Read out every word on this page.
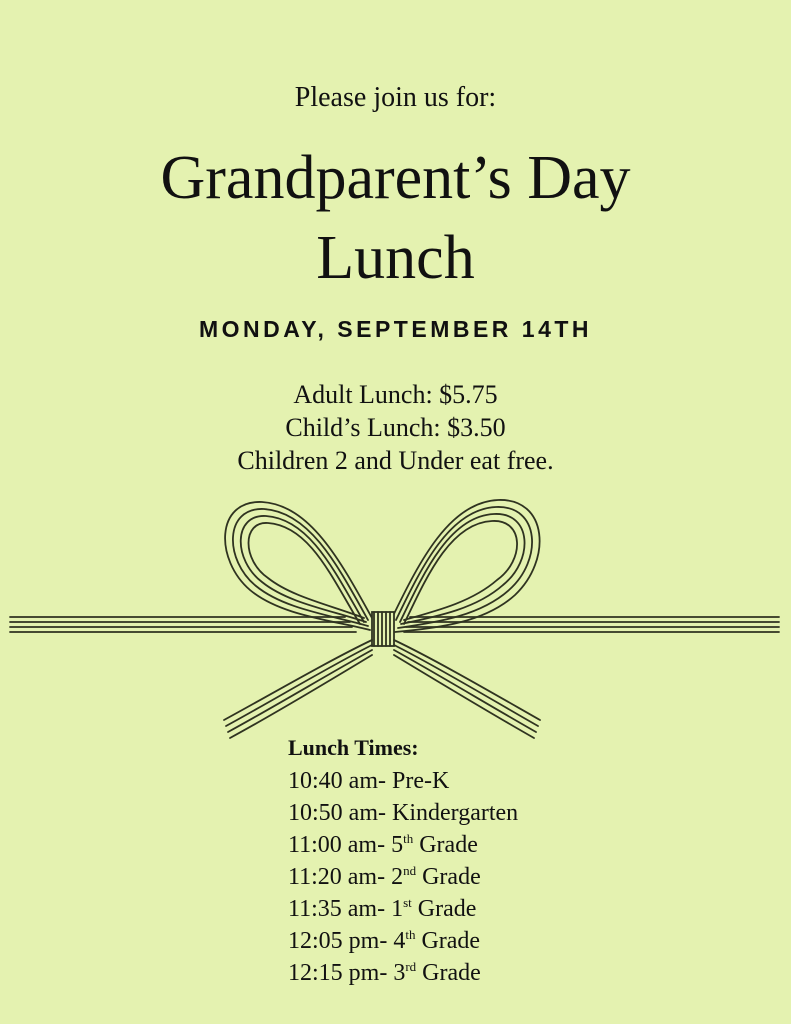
Please join us for:
Grandparent’s Day
Lunch
MONDAY, SEPTEMBER 14TH
Adult Lunch: $5.75
Child’s Lunch: $3.50
Children 2 and Under eat free.
Lunch Times:
10:40 am- Pre-K
10:50 am- Kindergarten
11:00 am- 5th Grade
11:20 am- 2nd Grade
11:35 am- 1st Grade
12:05 pm- 4th Grade
12:15 pm- 3rd Grade
